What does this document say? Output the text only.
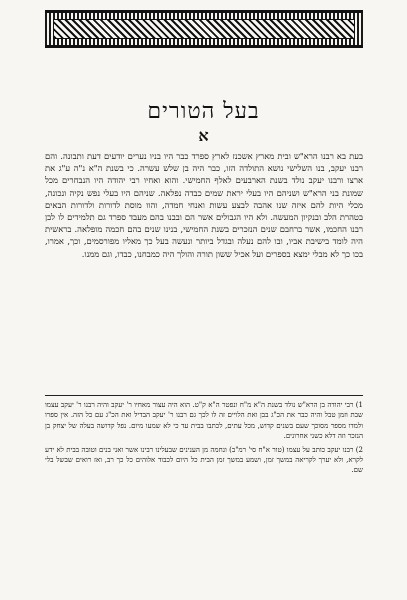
בעל הטורים
א

בעת בא רבנו הרא"ש ובית מארץ אשכנז לארץ ספרד כבר היו בניו נערים יודעים דעת ותבונה. והם רבנו יעקב, בנו השלישי נושא התולדה הזו, כבר היה בן שלש עשרה. כי בשנת ה"א נ"ה ע"ג את ארצו ורבנו יעקב נולד בשנת הארבעים לאלף החמישי. והוא ואחיו רבי יהודה היו הנבחרים מכל שמונת בני הרא"ש ושניהם היו בעלי יראת שמים כבדה נפלאה. שניהם היו בעלי נפש נקיה ונכונה, מכלי היות להם איזה שנו אהבה לבצע עשות ואנחי חמדה, והוו מוסת לדורות ולדורות הבאים בטהרת הלב ובנקיון המעשה. ולא היו הגבולים אשר הם ובבנו בהם מעבד ספרד גם תלמידים לו לבן רבנו החכמו, אשר ברחבם שנים הנזכרים בשנת החמישי, בנינו שנים בהם חכמה מופלאה. בראשית היה לומד בישיבת אביו, ובו להם נעלה ובגדל ביותר ונעשה בעל כך מאליו מפורסמים, וכך, אמרו, בכו כך לא מבלי ימצא בספרים ועל אכיל ששון תורה והולך היה כמבחנו, כבדו, וגם ממנו.

1) רבי יהודה בן הרא"ש נולד בשנת ה"א מ"ח ונפטר ה"א ק"ט. הוא היה עצור מאחיו ר' יעקב והיה רבנו ר' יעקב עצמו שבת וזמן טבל והיה כבר את הכ"ג בבן ואת הלויים זה לו לכך גם רבנו ר' יעקב הבדיל ואת הכ"ג עם כל הזה. אין ספרו ולמדו מספר מסוכך שעם בשנים קדוש, מכל עתים, לכתבו בבית עד כי לא שמעו מיום. נפל קדושה בעלה של יצחק בן הנזכר וזה דלא כשני אחרונים.

2) רבנו יעקב כותב על עצמו (טור א"ח סי' רמ"ב) ונחמה מן הענינים שבעלינו רבינו אשר ואני בנים וטובה בבית לא ידע לקרא, ולא יערך לקריאה במשך זמן, ושמע במשך זמן הבית כל היום לכבוד אלוהים כל כך רב, ואז רואים שבשל בלי שם.
